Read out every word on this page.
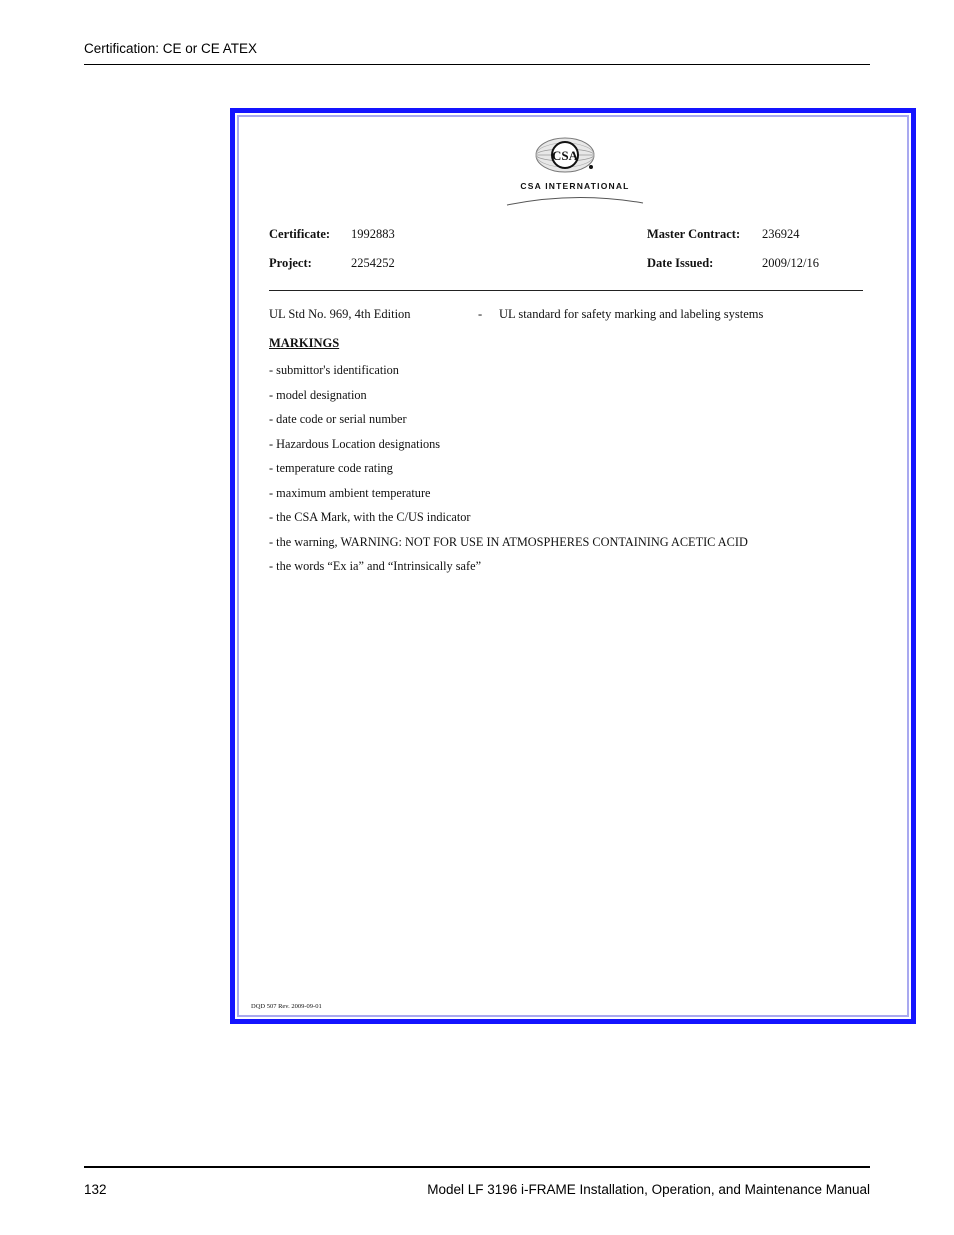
Certification: CE or CE ATEX
CSA
CSA INTERNATIONAL
Certificate: 1992883	Master Contract: 236924
Project:	2254252	Date Issued:	2009/12/16
UL Std No. 969, 4th Edition	- UL standard for safety marking and labeling systems
MARKINGS
- submittor's identification
- model designation
- date code or serial number
- Hazardous Location designations
- temperature code rating
- maximum ambient temperature
- the CSA Mark, with the C/US indicator
- the warning, WARNING: NOT FOR USE IN ATMOSPHERES CONTAINING ACETIC ACID
- the words “Ex ia” and “Intrinsically safe”
DQD 507 Rev. 2009-09-01
132	Model LF 3196 i-FRAME Installation, Operation, and Maintenance Manual
